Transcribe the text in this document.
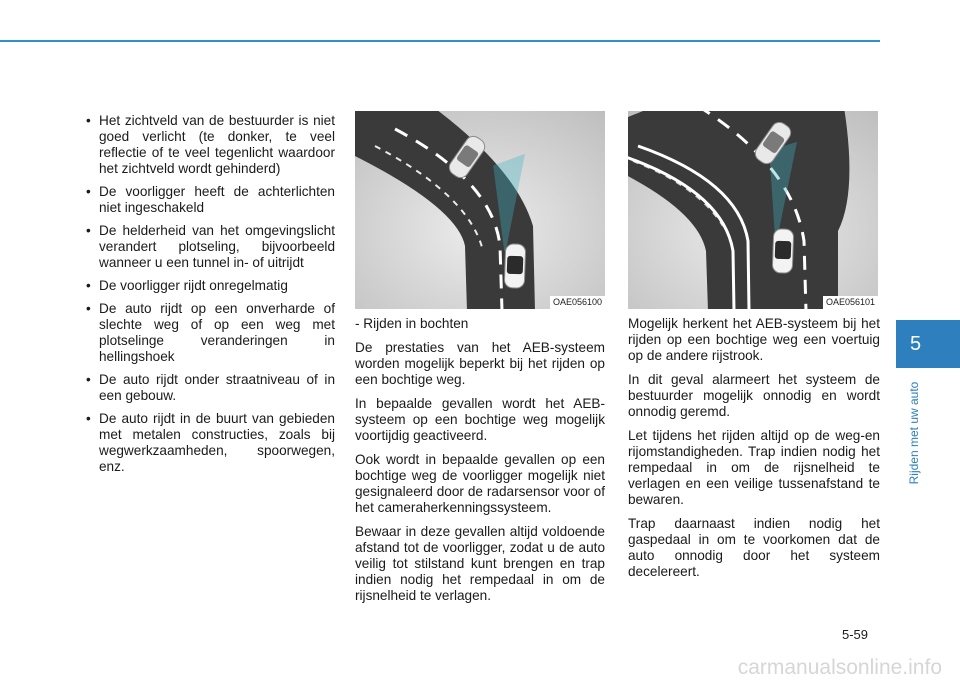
• Het zichtveld van de bestuurder is niet goed verlicht (te donker, te veel reflectie of te veel tegenlicht waardoor het zichtveld wordt gehinderd)
• De voorligger heeft de achterlichten niet ingeschakeld
• De helderheid van het omgevingslicht verandert plotseling, bijvoorbeeld wanneer u een tunnel in- of uitrijdt
• De voorligger rijdt onregelmatig
• De auto rijdt op een onverharde of slechte weg of op een weg met plotselinge veranderingen in hellingshoek
• De auto rijdt onder straatniveau of in een gebouw.
• De auto rijdt in de buurt van gebieden met metalen constructies, zoals bij wegwerkzaamheden, spoorwegen, enz.
OAE056100

- Rijden in bochten

De prestaties van het AEB-systeem worden mogelijk beperkt bij het rijden op een bochtige weg.

In bepaalde gevallen wordt het AEB-systeem op een bochtige weg mogelijk voortijdig geactiveerd.

Ook wordt in bepaalde gevallen op een bochtige weg de voorligger mogelijk niet gesignaleerd door de radarsensor voor of het cameraherkenningssysteem.

Bewaar in deze gevallen altijd voldoende afstand tot de voorligger, zodat u de auto veilig tot stilstand kunt brengen en trap indien nodig het rempedaal in om de rijsnelheid te verlagen.

OAE056101

Mogelijk herkent het AEB-systeem bij het rijden op een bochtige weg een voertuig op de andere rijstrook.

In dit geval alarmeert het systeem de bestuurder mogelijk onnodig en wordt onnodig geremd.

Let tijdens het rijden altijd op de weg-en rijomstandigheden. Trap indien nodig het rempedaal in om de rijsnelheid te verlagen en een veilige tussenafstand te bewaren.

Trap daarnaast indien nodig het gaspedaal in om te voorkomen dat de auto onnodig door het systeem decelereert.

5
Rijden met uw auto
5-59
carmanualsonline.info
